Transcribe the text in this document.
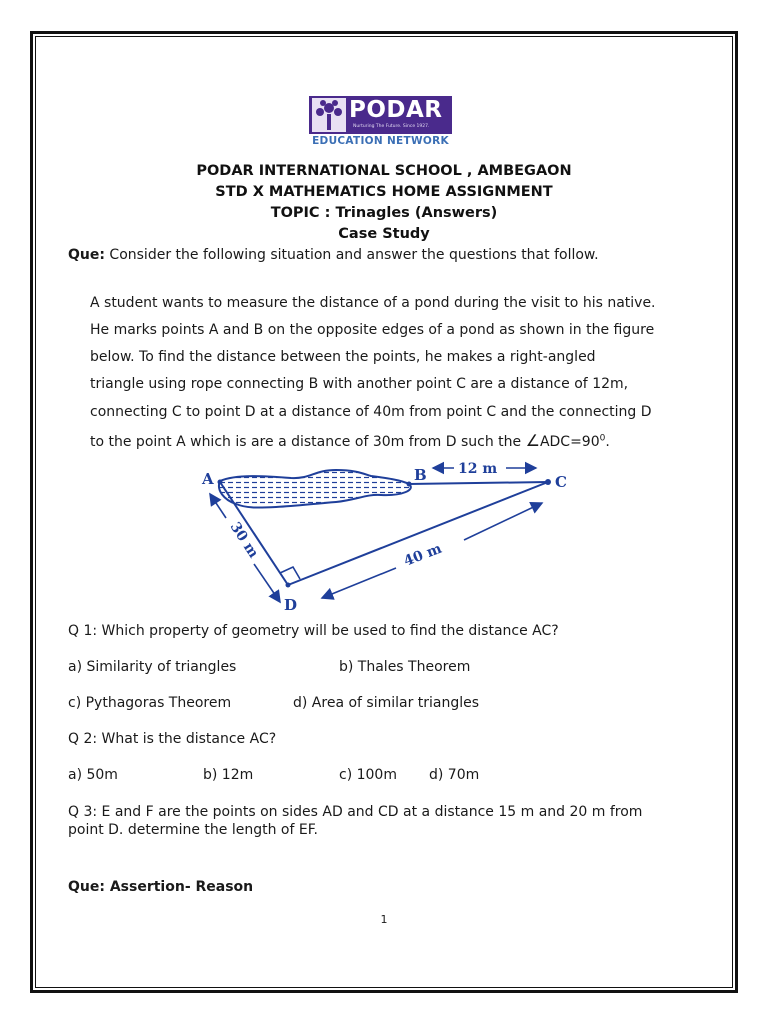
PODAR
Nurturing The Future. Since 1927.
EDUCATION NETWORK
PODAR INTERNATIONAL SCHOOL , AMBEGAON
STD X MATHEMATICS HOME ASSIGNMENT
TOPIC : Trinagles (Answers)
Case Study
Que: Consider the following situation and answer the questions that follow.
A student wants to measure the distance of a pond during the visit to his native.
He marks points A and B on the opposite edges of a pond as shown in the figure
below. To find the distance between the points, he makes a right-angled
triangle using rope connecting B with another point C are a distance of 12m,
connecting C to point D at a distance of 40m from point C and the connecting D
to the point A which is are a distance of 30m from D such the $\angle ADC=90^0$.
A	B	C
D
12 m
40 m
30 m
Q 1: Which property of geometry will be used to find the distance AC?
a) Similarity of triangles	b) Thales Theorem
c) Pythagoras Theorem	d) Area of similar triangles
Q 2: What is the distance AC?
a) 50m	b) 12m	c) 100m d) 70m
Q 3: E and F are the points on sides AD and CD at a distance 15 m and 20 m from
point D. determine the length of EF.
Que: Assertion- Reason
1
